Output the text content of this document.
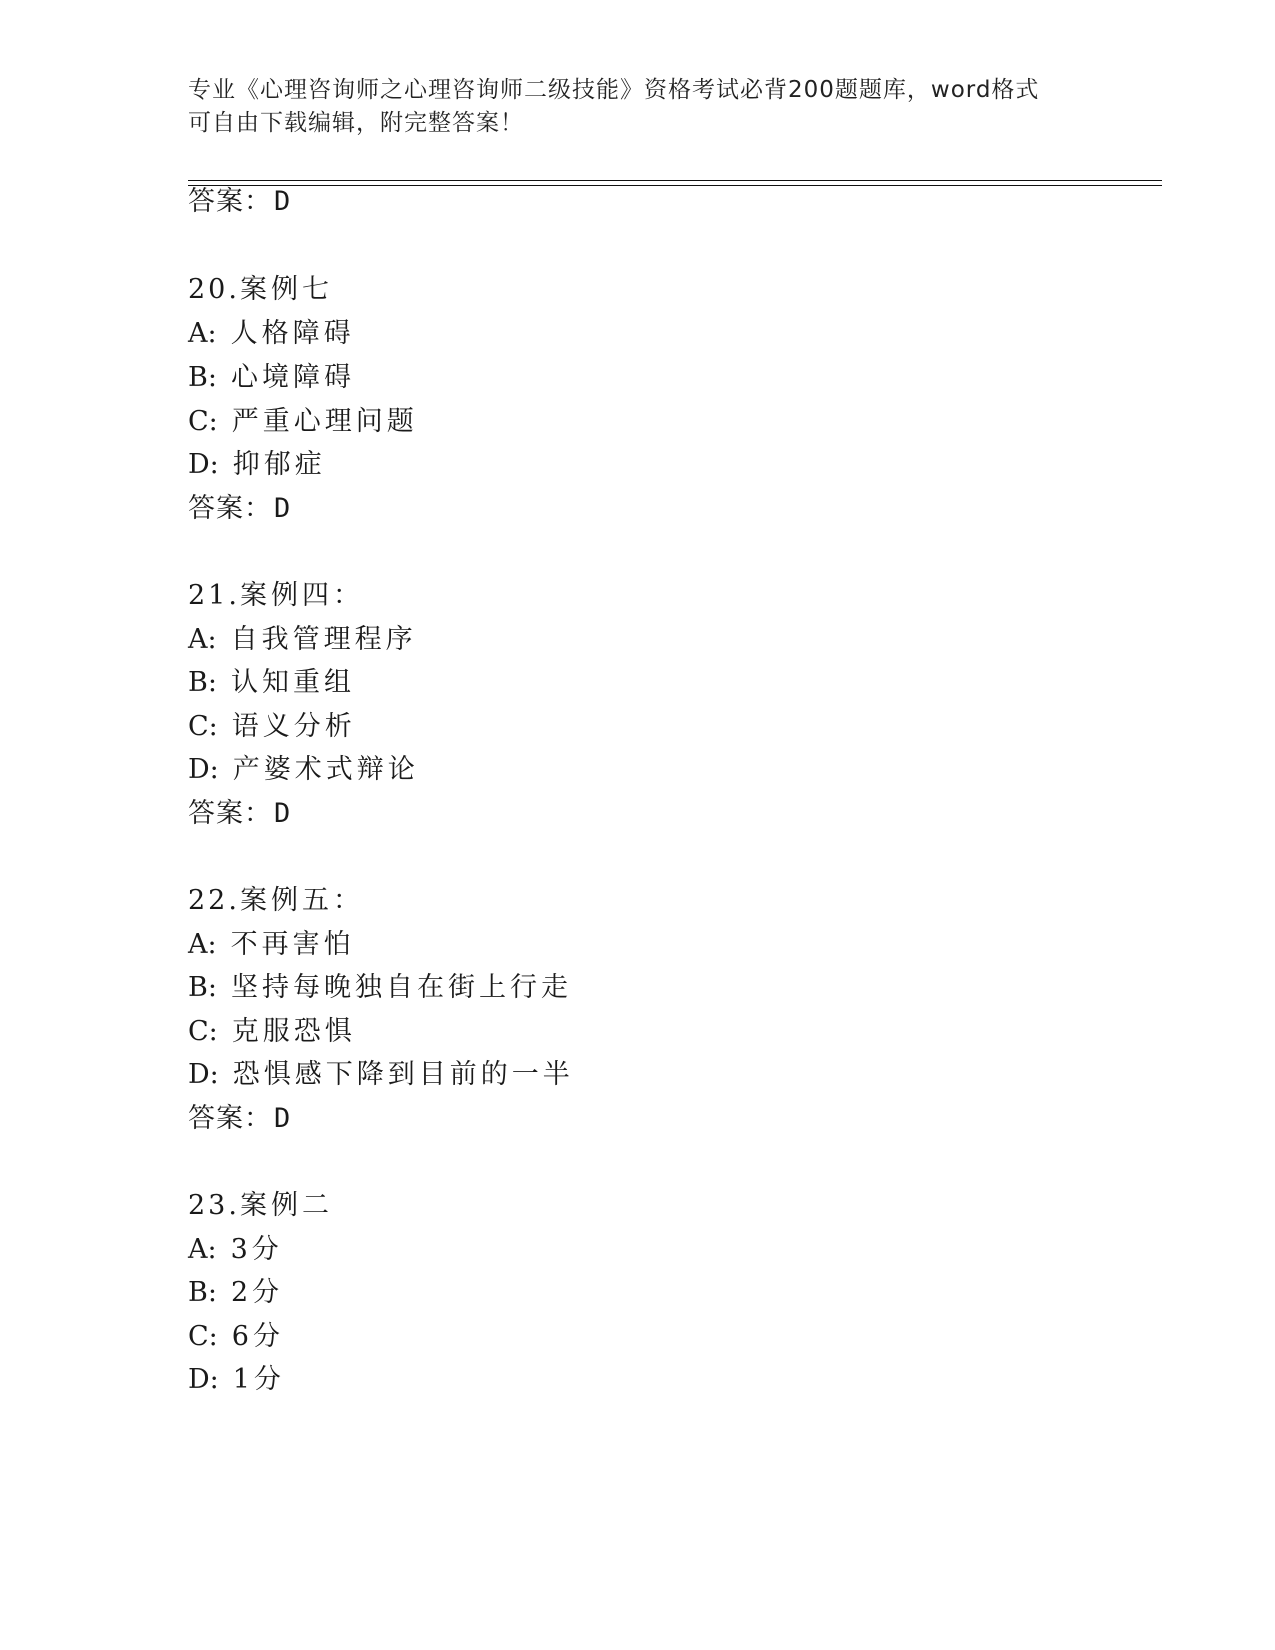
专业《心理咨询师之心理咨询师二级技能》资格考试必背200题题库，word格式
可自由下载编辑，附完整答案！
答案：D
20.案例七
A: 人格障碍
B: 心境障碍
C: 严重心理问题
D: 抑郁症
答案：D
21.案例四：
A: 自我管理程序
B: 认知重组
C: 语义分析
D: 产婆术式辩论
答案：D
22.案例五：
A: 不再害怕
B: 坚持每晚独自在街上行走
C: 克服恐惧
D: 恐惧感下降到目前的一半
答案：D
23.案例二
A: 3分
B: 2分
C: 6分
D: 1分
